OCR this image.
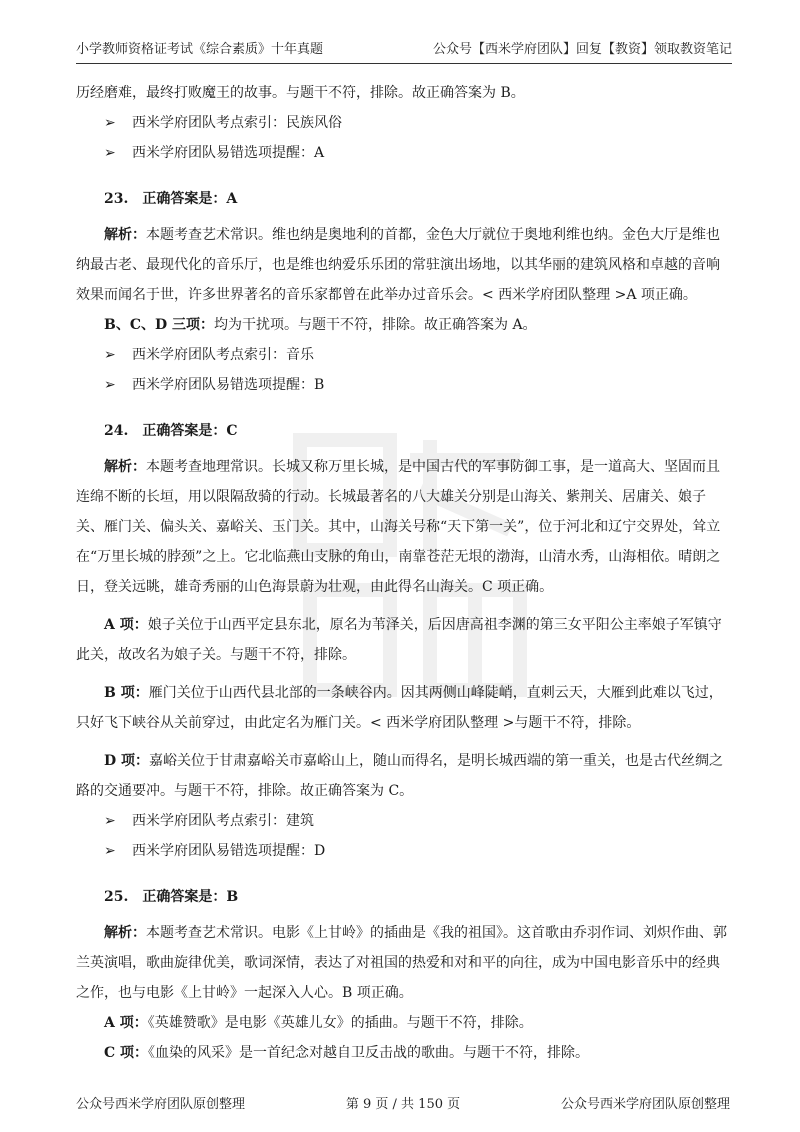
小学教师资格证考试《综合素质》十年真题	公众号【西米学府团队】回复【教资】领取教资笔记

历经磨难，最终打败魔王的故事。与题干不符，排除。故正确答案为 B。

➢ 西米学府团队考点索引：民族风俗

➢ 西米学府团队易错选项提醒：A

23.　正确答案是：A

解析：本题考查艺术常识。维也纳是奥地利的首都，金色大厅就位于奥地利维也纳。金色大厅是维也纳最古老、最现代化的音乐厅，也是维也纳爱乐乐团的常驻演出场地，以其华丽的建筑风格和卓越的音响效果而闻名于世，许多世界著名的音乐家都曾在此举办过音乐会。< 西米学府团队整理 >A 项正确。

B、C、D 三项：均为干扰项。与题干不符，排除。故正确答案为 A。

➢ 西米学府团队考点索引：音乐

➢ 西米学府团队易错选项提醒：B

24.　正确答案是：C

解析：本题考查地理常识。长城又称万里长城，是中国古代的军事防御工事，是一道高大、坚固而且连绵不断的长垣，用以限隔敌骑的行动。长城最著名的八大雄关分别是山海关、紫荆关、居庸关、娘子关、雁门关、偏头关、嘉峪关、玉门关。其中，山海关号称“天下第一关”，位于河北和辽宁交界处，耸立在“万里长城的脖颈”之上。它北临燕山支脉的角山，南靠苍茫无垠的渤海，山清水秀，山海相依。晴朗之日，登关远眺，雄奇秀丽的山色海景蔚为壮观，由此得名山海关。C 项正确。

A 项：娘子关位于山西平定县东北，原名为苇泽关，后因唐高祖李渊的第三女平阳公主率娘子军镇守此关，故改名为娘子关。与题干不符，排除。

B 项：雁门关位于山西代县北部的一条峡谷内。因其两侧山峰陡峭，直刺云天，大雁到此难以飞过，只好飞下峡谷从关前穿过，由此定名为雁门关。< 西米学府团队整理 >与题干不符，排除。

D 项：嘉峪关位于甘肃嘉峪关市嘉峪山上，随山而得名，是明长城西端的第一重关，也是古代丝绸之路的交通要冲。与题干不符，排除。故正确答案为 C。

➢ 西米学府团队考点索引：建筑

➢ 西米学府团队易错选项提醒：D

25.　正确答案是：B

解析：本题考查艺术常识。电影《上甘岭》的插曲是《我的祖国》。这首歌由乔羽作词、刘炽作曲、郭兰英演唱，歌曲旋律优美，歌词深情，表达了对祖国的热爱和对和平的向往，成为中国电影音乐中的经典之作，也与电影《上甘岭》一起深入人心。B 项正确。

A 项：《英雄赞歌》是电影《英雄儿女》的插曲。与题干不符，排除。

C 项：《血染的风采》是一首纪念对越自卫反击战的歌曲。与题干不符，排除。

公众号西米学府团队原创整理	第 9 页 / 共 150 页	公众号西米学府团队原创整理
